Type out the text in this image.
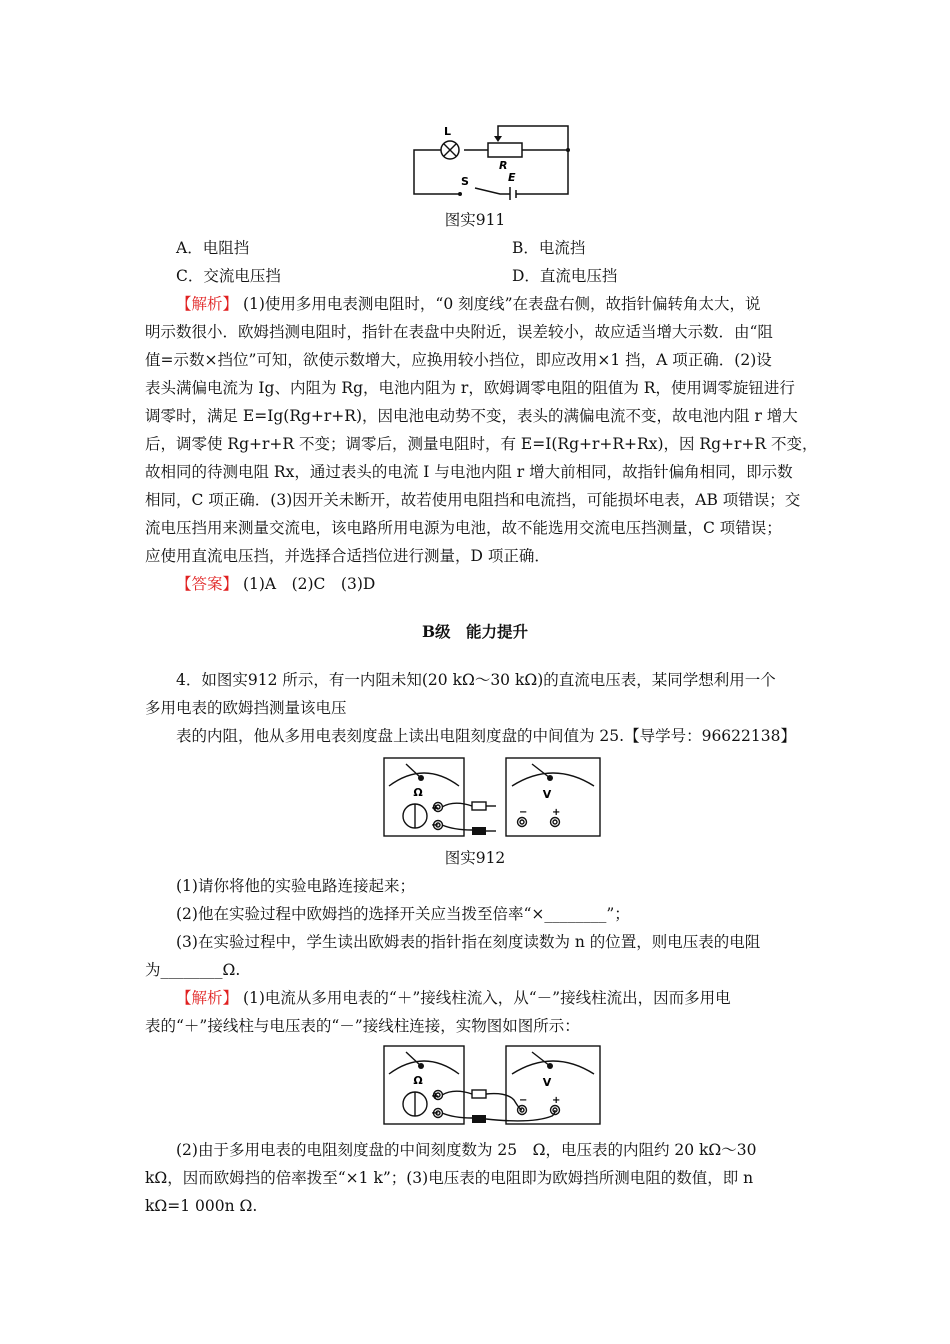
L
R
S	E
图实911
A．电阻挡	B．电流挡
C．交流电压挡	D．直流电压挡
【解析】 (1)使用多用电表测电阻时，“0 刻度线”在表盘右侧，故指针偏转角太大，说
明示数很小．欧姆挡测电阻时，指针在表盘中央附近，误差较小，故应适当增大示数．由“阻
值=示数×挡位”可知，欲使示数增大，应换用较小挡位，即应改用×1 挡，A 项正确．(2)设
表头满偏电流为 Ig、内阻为 Rg，电池内阻为 r，欧姆调零电阻的阻值为 R，使用调零旋钮进行
调零时，满足 E=Ig(Rg+r+R)，因电池电动势不变，表头的满偏电流不变，故电池内阻 r 增大
后，调零使 Rg+r+R 不变；调零后，测量电阻时，有 E=I(Rg+r+R+Rx)，因 Rg+r+R 不变，
故相同的待测电阻 Rx，通过表头的电流 I 与电池内阻 r 增大前相同，故指针偏角相同，即示数
相同，C 项正确．(3)因开关未断开，故若使用电阻挡和电流挡，可能损坏电表，AB 项错误；交
流电压挡用来测量交流电，该电路所用电源为电池，故不能选用交流电压挡测量，C 项错误；
应使用直流电压挡，并选择合适挡位进行测量，D 项正确．
【答案】 (1)A　(2)C　(3)D
B级　能力提升
4．如图实912 所示，有一内阻未知(20 kΩ～30 kΩ)的直流电压表，某同学想利用一个
多用电表的欧姆挡测量该电压
表的内阻，他从多用电表刻度盘上读出电阻刻度盘的中间值为 25.【导学号：96622138】
Ω	V
+
−
− +
图实912
(1)请你将他的实验电路连接起来；
(2)他在实验过程中欧姆挡的选择开关应当拨至倍率“×________”；
(3)在实验过程中，学生读出欧姆表的指针指在刻度读数为 n 的位置，则电压表的电阻
为________Ω.
【解析】 (1)电流从多用电表的“＋”接线柱流入，从“－”接线柱流出，因而多用电
表的“＋”接线柱与电压表的“－”接线柱连接，实物图如图所示：
Ω	V
+
−
− +
(2)由于多用电表的电阻刻度盘的中间刻度数为 25　Ω，电压表的内阻约 20 kΩ～30
kΩ，因而欧姆挡的倍率拨至“×1 k”；(3)电压表的电阻即为欧姆挡所测电阻的数值，即 n
kΩ=1 000n Ω.
